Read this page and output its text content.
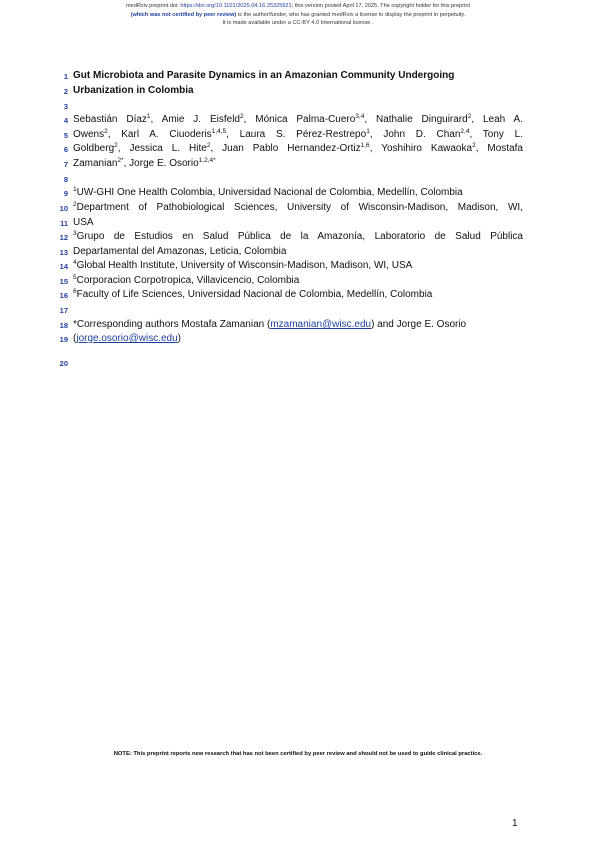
medRxiv preprint doi: https://doi.org/10.1101/2025.04.16.25325921; this version posted April 17, 2025. The copyright holder for this preprint
(which was not certified by peer review) is the author/funder, who has granted medRxiv a license to display the preprint in perpetuity.
It is made available under a CC-BY 4.0 International license .
1
2
3
4
5
6
7
8
9
10
11
12
13
14
15
16
17
18
19
20
Gut Microbiota and Parasite Dynamics in an Amazonian Community Undergoing
Urbanization in Colombia
Sebastián Díaz$^1$, Amie J. Eisfeld$^2$, Mónica Palma-Cuero$^{3,4}$, Nathalie Dinguirard$^2$, Leah A.
Owens$^2$, Karl A. Ciuoderis$^{1,4,5}$, Laura S. Pérez-Restrepo$^1$, John D. Chan$^{2,4}$, Tony L.
Goldberg$^2$, Jessica L. Hite$^2$, Juan Pablo Hernandez-Ortiz$^{1,6}$, Yoshihiro Kawaoka$^2$, Mostafa
Zamanian$^{2*}$, Jorge E. Osorio$^{1,2,4*}$
$^1$UW-GHI One Health Colombia, Universidad Nacional de Colombia, Medellín, Colombia
$^2$Department of Pathobiological Sciences, University of Wisconsin-Madison, Madison, WI,
USA
$^3$Grupo de Estudios en Salud Pública de la Amazonía, Laboratorio de Salud Pública
Departamental del Amazonas, Leticia, Colombia
$^4$Global Health Institute, University of Wisconsin-Madison, Madison, WI, USA
$^5$Corporacion Corpotropica, Villavicencio, Colombia
$^6$Faculty of Life Sciences, Universidad Nacional de Colombia, Medellín, Colombia
*Corresponding authors Mostafa Zamanian (mzamanian@wisc.edu) and Jorge E. Osorio
(jorge.osorio@wisc.edu)
NOTE: This preprint reports new research that has not been certified by peer review and should not be used to guide clinical practice.
1
